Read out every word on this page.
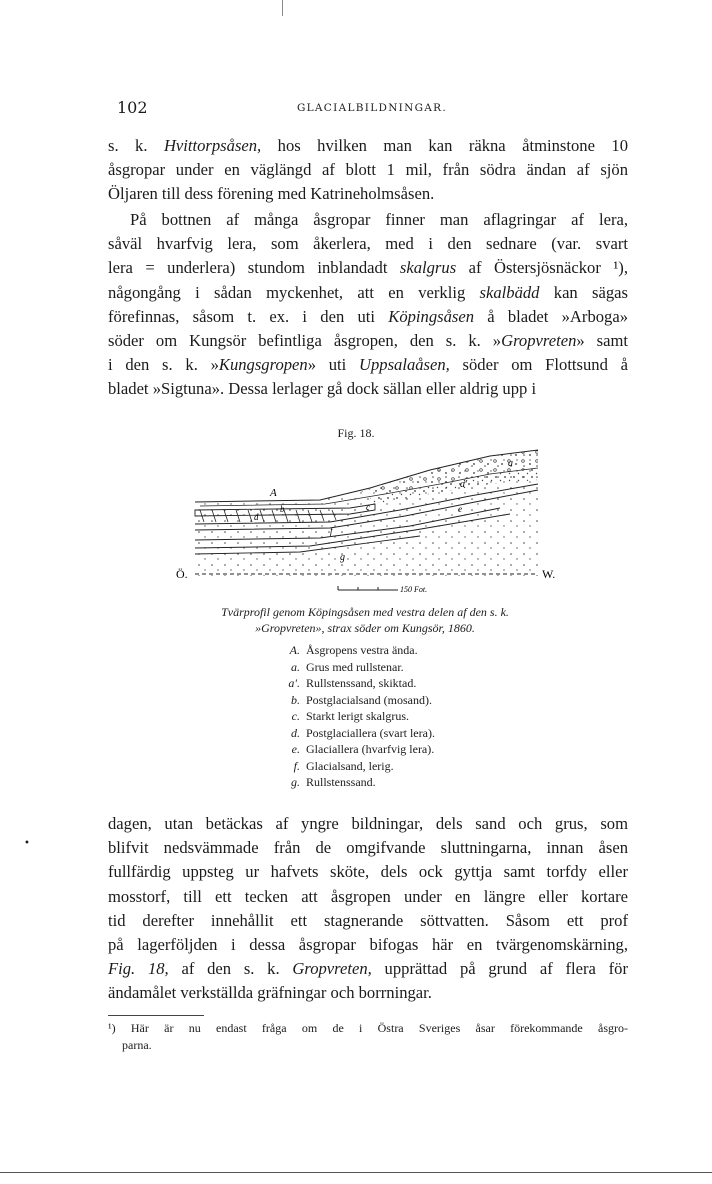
102	GLACIALBILDNINGAR.
s. k. Hvittorpsåsen, hos hvilken man kan räkna åtminstone 10
åsgropar under en väglängd af blott 1 mil, från södra ändan af sjön
Öljaren till dess förening med Katrineholmsåsen.
På bottnen af många åsgropar finner man aflagringar af lera,
såväl hvarfvig lera, som åkerlera, med i den sednare (var. svart
lera = underlera) stundom inblandadt skalgrus af Östersjösnäckor ¹),
någongång i sådan myckenhet, att en verklig skalbädd kan sägas
förefinnas, såsom t. ex. i den uti Köpingsåsen å bladet »Arboga»
söder om Kungsör befintliga åsgropen, den s. k. »Gropvreten» samt
i den s. k. »Kungsgropen» uti Uppsalaåsen, söder om Flottsund å
bladet »Sigtuna». Dessa lerlager gå dock sällan eller aldrig upp i
Fig. 18.
A
a
a'
b	c
d
e
f
g
Ö.	W.
150 Fot.
Tvärprofil genom Köpingsåsen med vestra delen af den s. k.
»Gropvreten», strax söder om Kungsör, 1860.
A. Åsgropens vestra ända.
a. Grus med rullstenar.
a'. Rullstenssand, skiktad.
b. Postglacialsand (mosand).
c. Starkt lerigt skalgrus.
d. Postglaciallera (svart lera).
e. Glaciallera (hvarfvig lera).
f. Glacialsand, lerig.
g. Rullstenssand.
dagen, utan betäckas af yngre bildningar, dels sand och grus, som
blifvit nedsvämmade från de omgifvande sluttningarna, innan åsen
fullfärdig uppsteg ur hafvets sköte, dels ock gyttja samt torfdy eller
mosstorf, till ett tecken att åsgropen under en längre eller kortare
tid derefter innehållit ett stagnerande söttvatten. Såsom ett prof
på lagerföljden i dessa åsgropar bifogas här en tvärgenomskärning,
Fig. 18, af den s. k. Gropvreten, upprättad på grund af flera för
ändamålet verkställda gräfningar och borrningar.
•
¹) Här är nu endast fråga om de i Östra Sveriges åsar förekommande åsgro-
parna.
